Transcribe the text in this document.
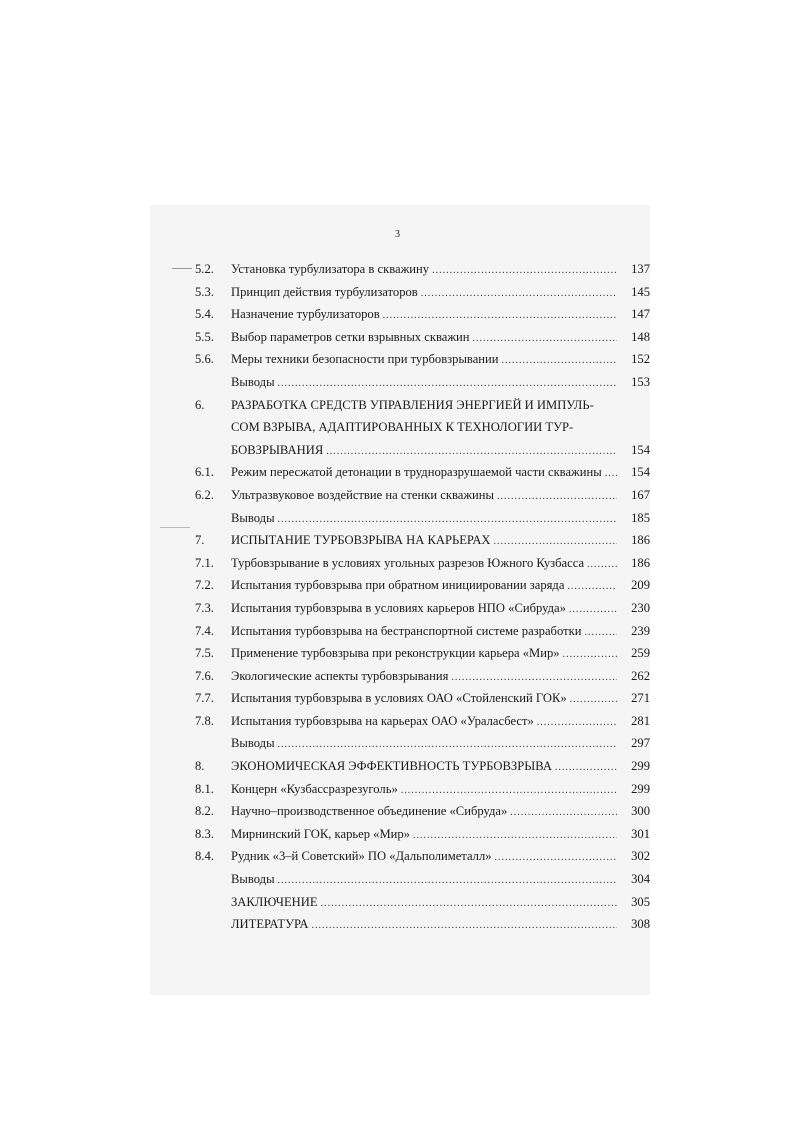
3
5.2.	Установка турбулизатора в скважину .....	137
5.3.	Принцип действия турбулизаторов .....	145
5.4.	Назначение турбулизаторов .....	147
5.5.	Выбор параметров сетки взрывных скважин .....	148
5.6.	Меры техники безопасности при турбовзрывании .....	152
Выводы .....	153
6.	РАЗРАБОТКА СРЕДСТВ УПРАВЛЕНИЯ ЭНЕРГИЕЙ И ИМПУЛЬ-
СОМ ВЗРЫВА, АДАПТИРОВАННЫХ К ТЕХНОЛОГИИ ТУР-
БОВЗРЫВАНИЯ .....	154
6.1.	Режим пересжатой детонации в трудноразрушаемой части скважины .....	154
6.2.	Ультразвуковое воздействие на стенки скважины .....	167
Выводы .....	185
7.	ИСПЫТАНИЕ ТУРБОВЗРЫВА НА КАРЬЕРАХ .....	186
7.1.	Турбовзрывание в условиях угольных разрезов Южного Кузбасса .....	186
7.2.	Испытания турбовзрыва при обратном инициировании заряда .....	209
7.3.	Испытания турбовзрыва в условиях карьеров НПО «Сибруда» .....	230
7.4.	Испытания турбовзрыва на бестранспортной системе разработки .....	239
7.5.	Применение турбовзрыва при реконструкции карьера «Мир» .....	259
7.6.	Экологические аспекты турбовзрывания .....	262
7.7.	Испытания турбовзрыва в условиях ОАО «Стойленский ГОК» .....	271
7.8.	Испытания турбовзрыва на карьерах ОАО «Ураласбест» .....	281
Выводы .....	297
8.	ЭКОНОМИЧЕСКАЯ ЭФФЕКТИВНОСТЬ ТУРБОВЗРЫВА .....	299
8.1.	Концерн «Кузбассразрезуголь» .....	299
8.2.	Научно–производственное объединение «Сибруда» .....	300
8.3.	Мирнинский ГОК, карьер «Мир» .....	301
8.4.	Рудник «3–й Советский» ПО «Дальполиметалл» .....	302
Выводы .....	304
ЗАКЛЮЧЕНИЕ .....	305
ЛИТЕРАТУРА .....	308
